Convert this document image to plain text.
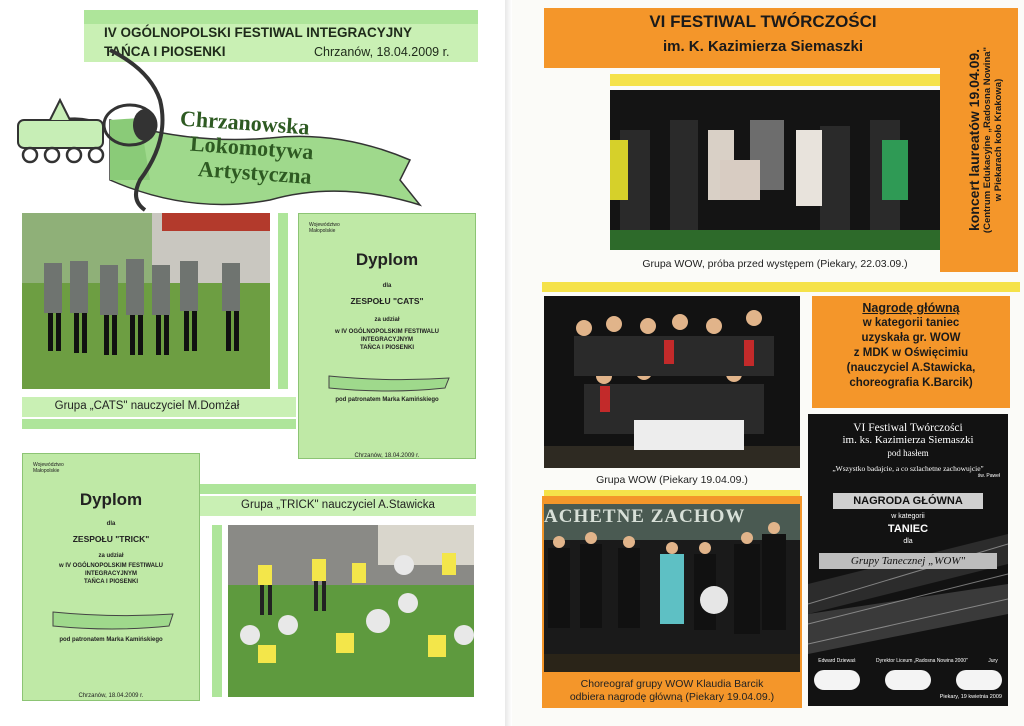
IV OGÓLNOPOLSKI FESTIWAL INTEGRACYJNY
TAŃCA I PIOSENKI	Chrzanów, 18.04.2009 r.
Chrzanowska
Lokomotywa
Artystyczna
Grupa „CATS" nauczyciel M.Domżał
Województwo
Małopolskie
Dyplom
dla
ZESPOŁU "CATS"
za udział
w IV OGÓLNOPOLSKIM FESTIWALU
INTEGRACYJNYM
TAŃCA I PIOSENKI
pod patronatem Marka Kamińskiego
Chrzanów, 18.04.2009 r.
Województwo
Małopolskie
Dyplom
dla
ZESPOŁU "TRICK"
za udział
w IV OGÓLNOPOLSKIM FESTIWALU
INTEGRACYJNYM
TAŃCA I PIOSENKI
pod patronatem Marka Kamińskiego
Chrzanów, 18.04.2009 r.
Grupa „TRICK" nauczyciel A.Stawicka
VI FESTIWAL TWÓRCZOŚCI
im. K. Kazimierza Siemaszki
koncert laureatów 19.04.09. (Centrum Edukacyjne „Radosna Nowina" w Piekarach koło Krakowa)
Grupa WOW, próba przed występem (Piekary, 22.03.09.)
Grupa WOW (Piekary 19.04.09.)
Nagrodę główną
w kategorii taniec
uzyskała gr. WOW
z MDK w Oświęcimiu
(nauczyciel A.Stawicka,
choreografia K.Barcik)
VI Festiwal Twórczości
im. ks. Kazimierza Siemaszki
pod hasłem
„Wszystko badajcie, a co szlachetne zachowujcie"
św. Paweł
NAGRODA GŁÓWNA
w kategorii
TANIEC
dla
Grupy Tanecznej „WOW"
Edward Dziewaś	Dyrektor Liceum „Radosna Nowina 2000"	Jury
Piekary, 19 kwietnia 2009
ACHETNE ZACHOW
Choreograf grupy WOW Klaudia Barcik
odbiera nagrodę główną (Piekary 19.04.09.)
